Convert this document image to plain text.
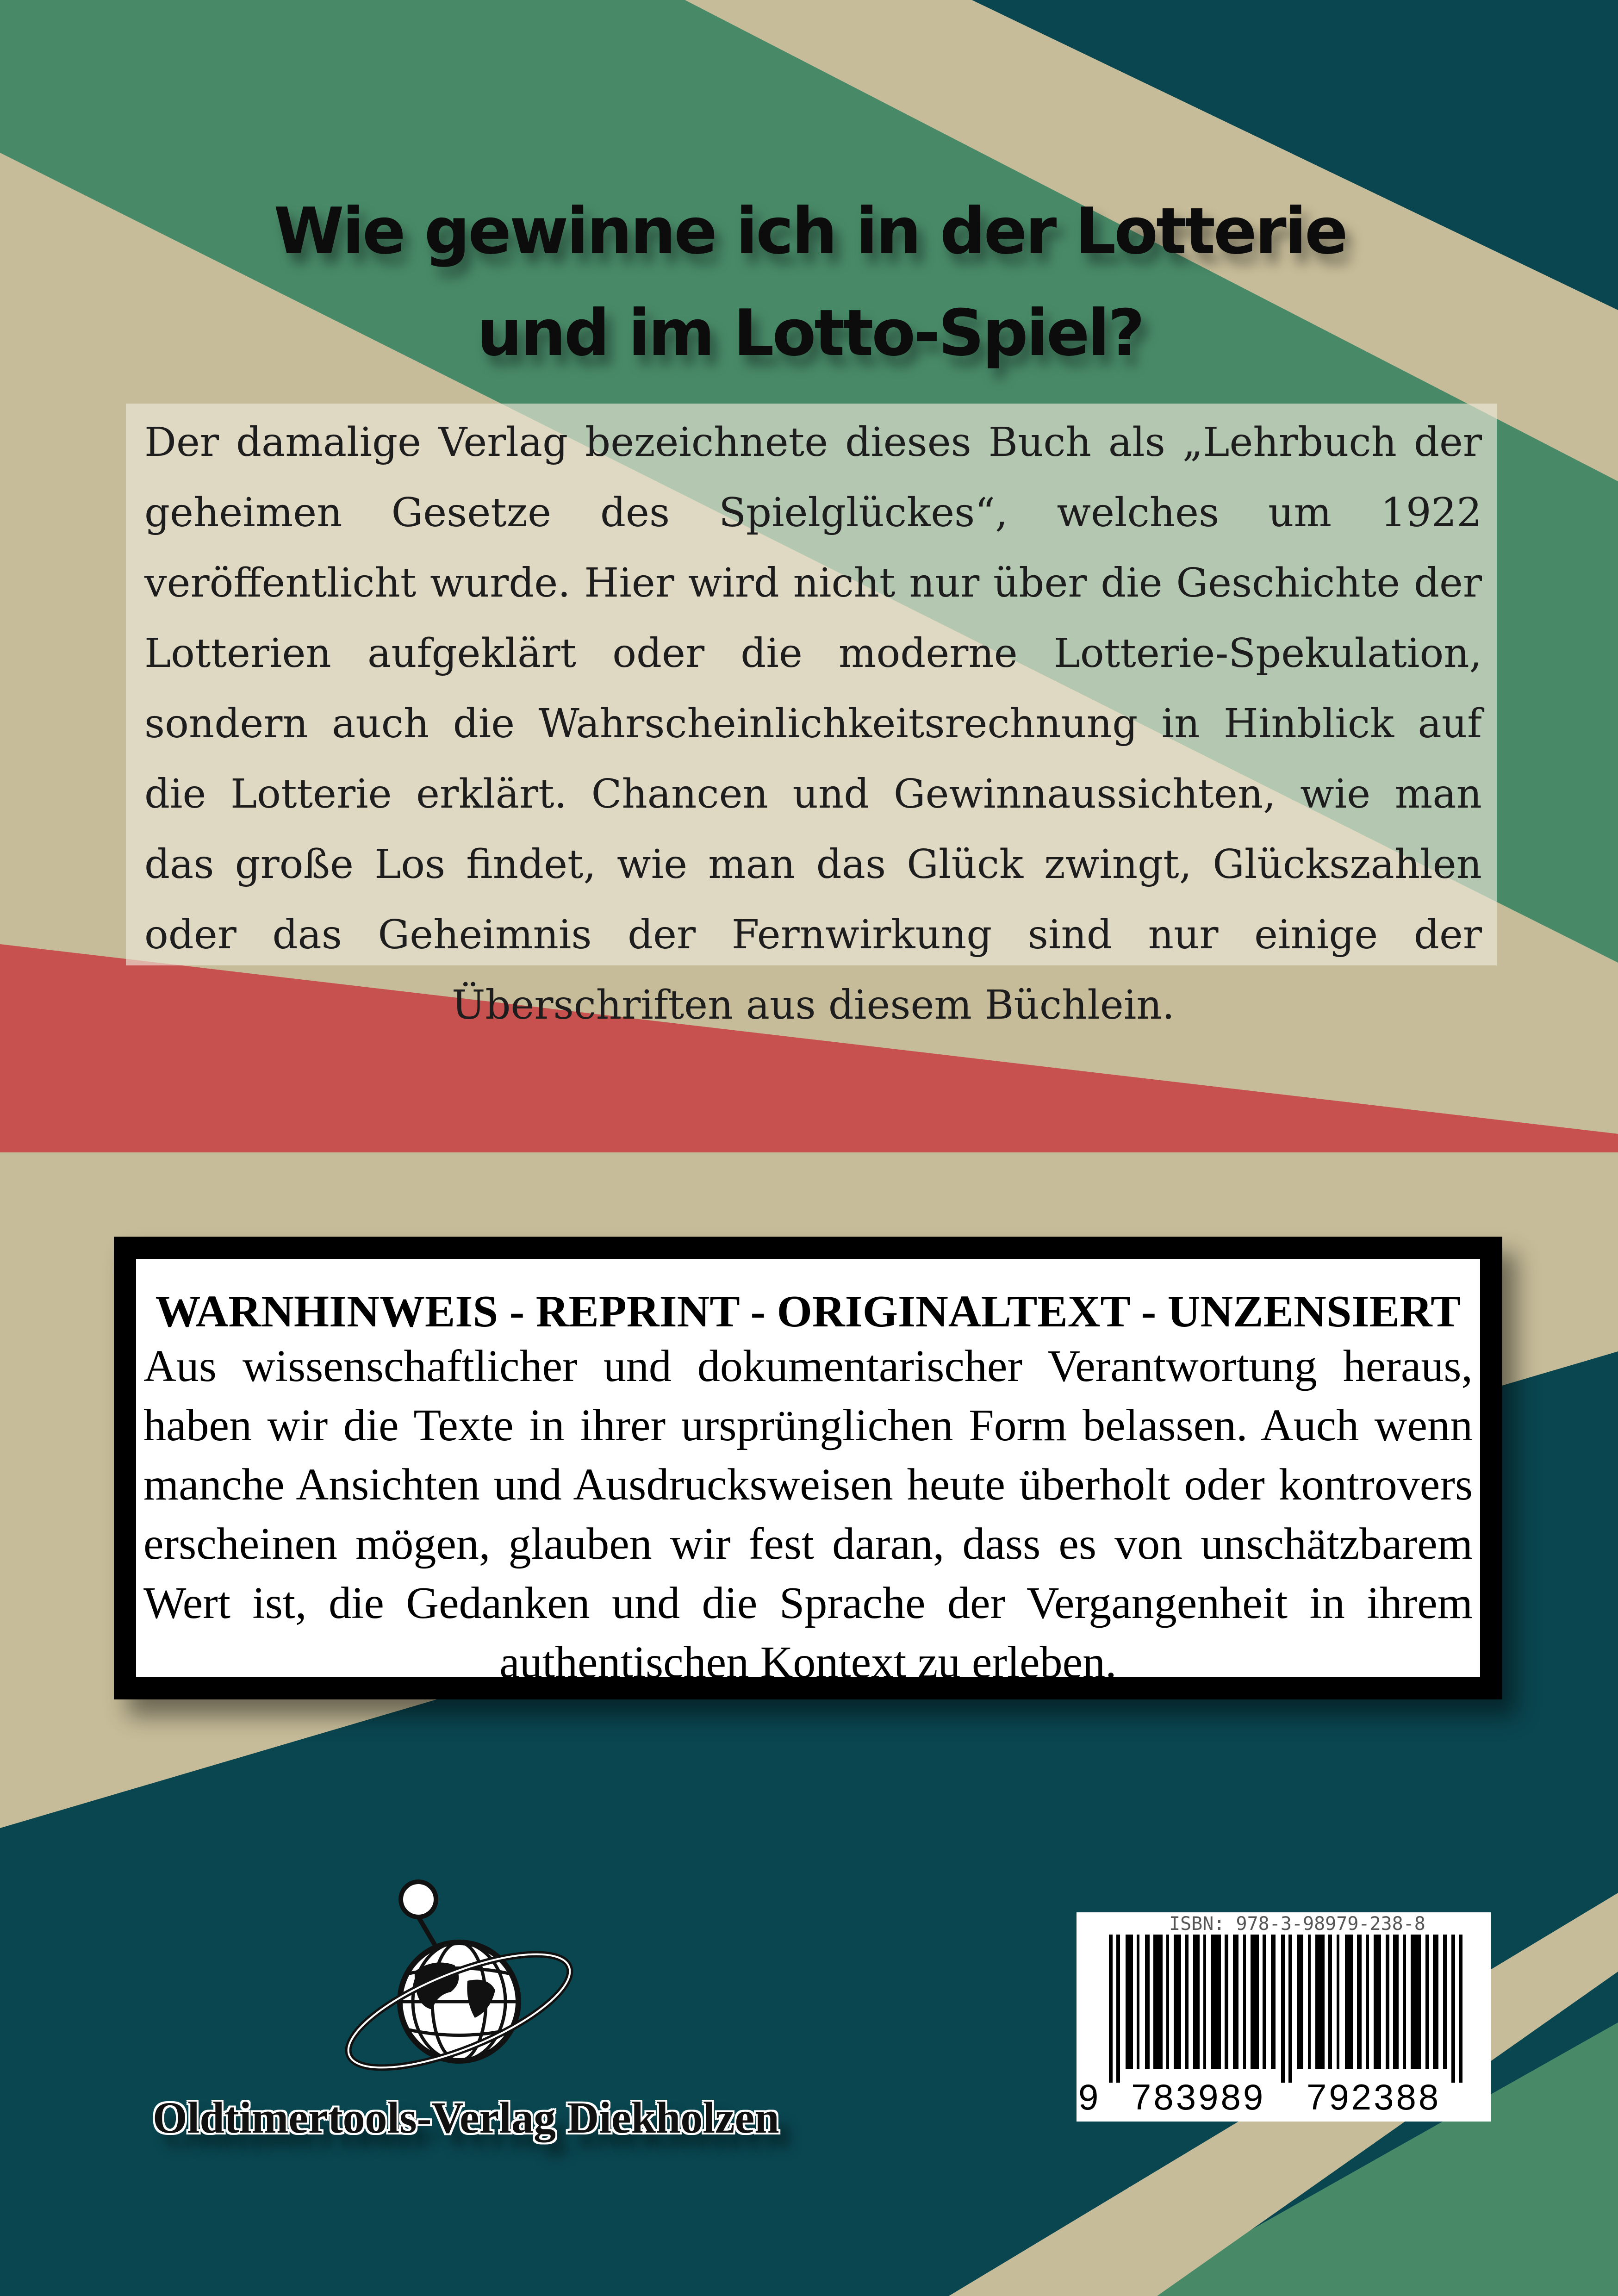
Wie gewinne ich in der Lotterie
und im Lotto-Spiel?
Der damalige Verlag bezeichnete dieses Buch als „Lehrbuch der geheimen Gesetze des Spielglückes“, welches um 1922 veröffentlicht wurde. Hier wird nicht nur über die Geschichte der Lotterien aufgeklärt oder die moderne Lotterie-Spekulation, sondern auch die Wahrscheinlichkeitsrechnung in Hinblick auf die Lotterie erklärt. Chancen und Gewinnaussichten, wie man das große Los findet, wie man das Glück zwingt, Glückszahlen oder das Geheimnis der Fernwirkung sind nur einige der Überschriften aus diesem Büchlein.
WARNHINWEIS - REPRINT - ORIGINALTEXT - UNZENSIERT
Aus wissenschaftlicher und dokumentarischer Verantwortung heraus, haben wir die Texte in ihrer ursprünglichen Form belassen. Auch wenn manche Ansichten und Ausdrucksweisen heute überholt oder kontrovers erscheinen mögen, glauben wir fest daran, dass es von unschätzbarem Wert ist, die Gedanken und die Sprache der Vergangenheit in ihrem authentischen Kontext zu erleben.
Oldtimertools-Verlag Diekholzen
ISBN: 978-3-98979-238-8
9 783989 792388
